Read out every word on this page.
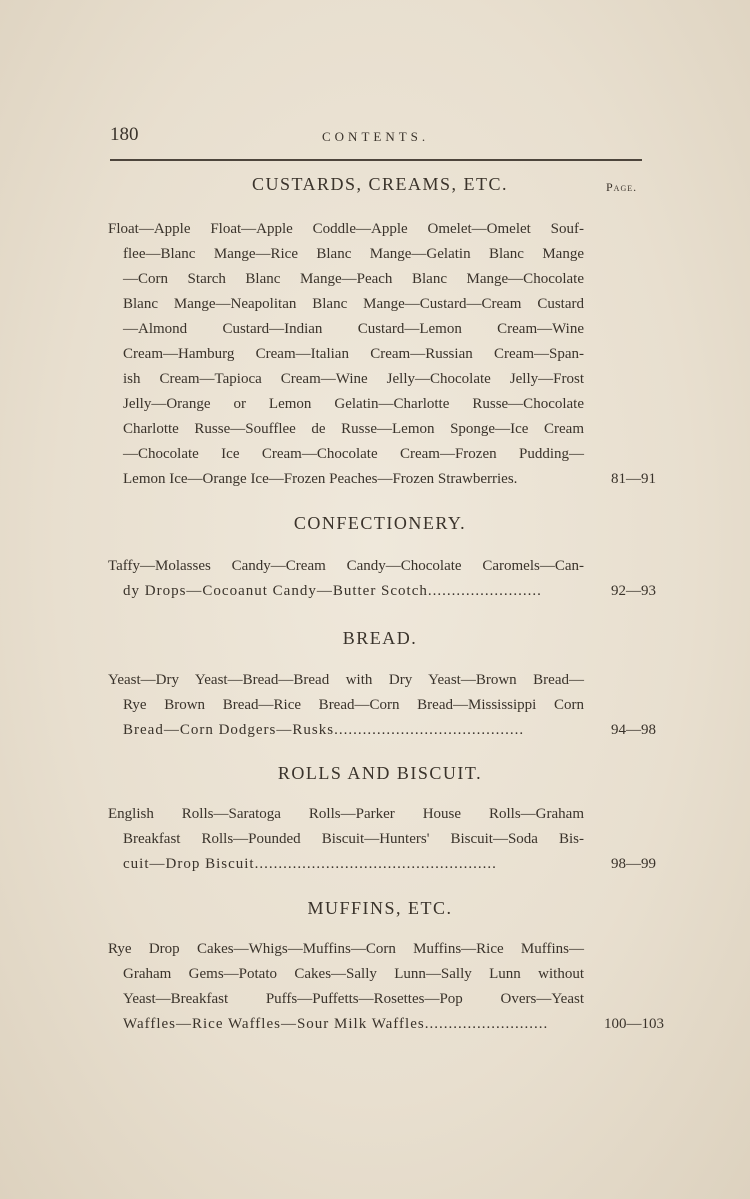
180	CONTENTS.
Page.
CUSTARDS, CREAMS, ETC.
Float—Apple Float—Apple Coddle—Apple Omelet—Omelet Souf-
flee—Blanc Mange—Rice Blanc Mange—Gelatin Blanc Mange
—Corn Starch Blanc Mange—Peach Blanc Mange—Chocolate
Blanc Mange—Neapolitan Blanc Mange—Custard—Cream Custard
—Almond Custard—Indian Custard—Lemon Cream—Wine
Cream—Hamburg Cream—Italian Cream—Russian Cream—Span-
ish Cream—Tapioca Cream—Wine Jelly—Chocolate Jelly—Frost
Jelly—Orange or Lemon Gelatin—Charlotte Russe—Chocolate
Charlotte Russe—Soufflee de Russe—Lemon Sponge—Ice Cream
—Chocolate Ice Cream—Chocolate Cream—Frozen Pudding—
Lemon Ice—Orange Ice—Frozen Peaches—Frozen Strawberries.	81—91
CONFECTIONERY.
Taffy—Molasses Candy—Cream Candy—Chocolate Caromels—Can-
dy Drops—Cocoanut Candy—Butter Scotch........................	92—93
BREAD.
Yeast—Dry Yeast—Bread—Bread with Dry Yeast—Brown Bread—
Rye Brown Bread—Rice Bread—Corn Bread—Mississippi Corn
Bread—Corn Dodgers—Rusks........................................	94—98
ROLLS AND BISCUIT.
English Rolls—Saratoga Rolls—Parker House Rolls—Graham
Breakfast Rolls—Pounded Biscuit—Hunters' Biscuit—Soda Bis-
cuit—Drop Biscuit...................................................	98—99
MUFFINS, ETC.
Rye Drop Cakes—Whigs—Muffins—Corn Muffins—Rice Muffins—
Graham Gems—Potato Cakes—Sally Lunn—Sally Lunn without
Yeast—Breakfast Puffs—Puffetts—Rosettes—Pop Overs—Yeast
Waffles—Rice Waffles—Sour Milk Waffles..........................	100—103
